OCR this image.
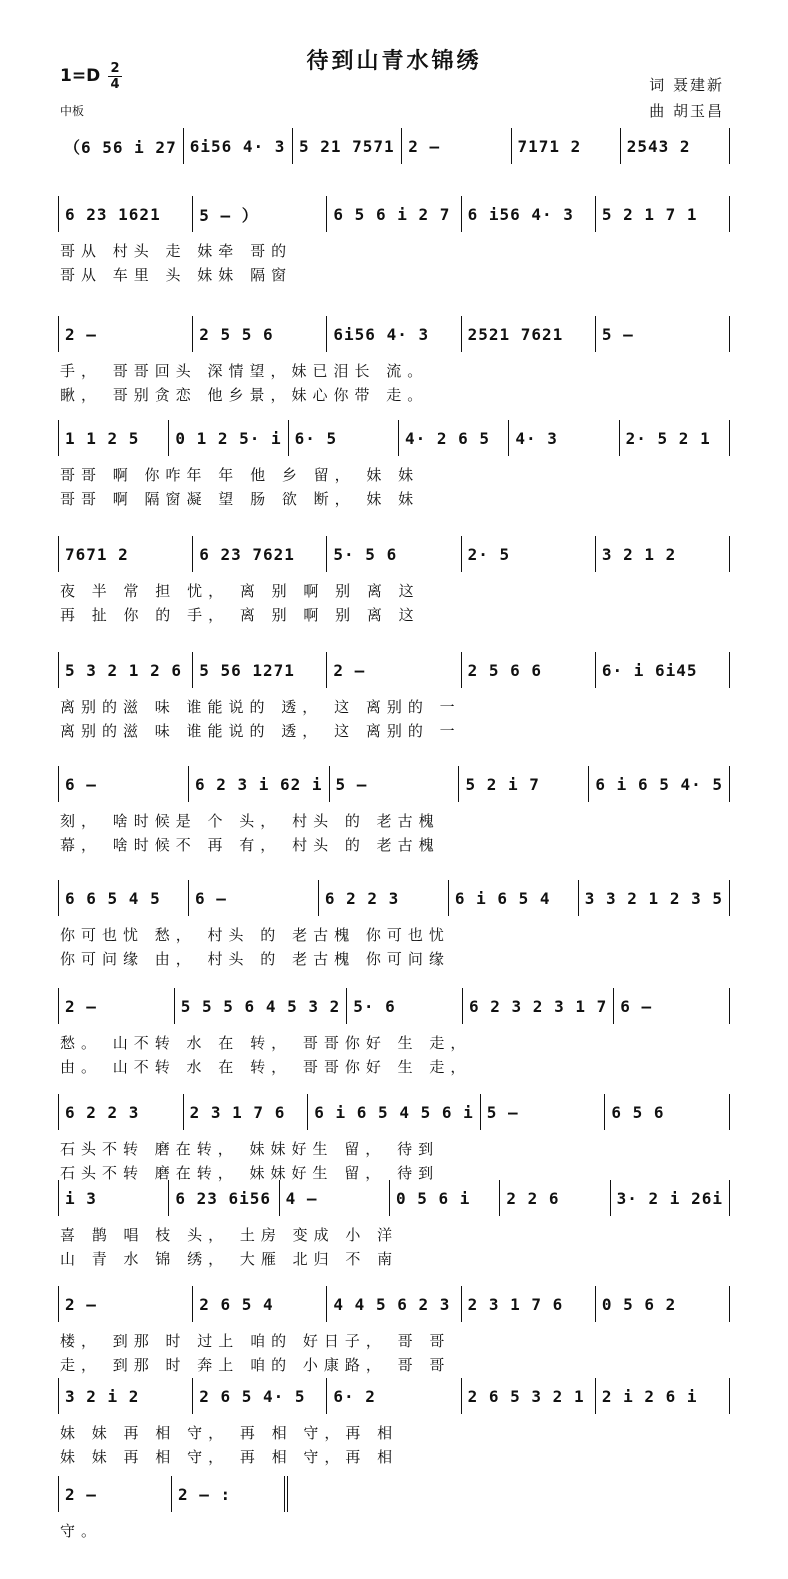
待到山青水锦绣
1=D 2
4
中板
词 聂建新
曲 胡玉昌
（6 56 i 27 6i56 4· 3 5 21 7571 2 –	7171 2	2543 2
6 23 1621	5 – ）	6 5 6 i 2 7	6 i56 4· 3	5 2 1 7 1
哥从 村头 走 妹牵 哥的
哥从 车里 头 妹妹 隔窗
2 –	2 5 5 6	6i56 4· 3	2521 7621	5 –
手， 哥哥回头 深情望，妹已泪长 流。
瞅， 哥别贪恋 他乡景，妹心你带 走。
1 1 2 5	0 1 2 5· i 6· 5	4· 2 6 5	4· 3	2· 5 2 1
哥哥 啊 你咋年 年 他 乡 留， 妹 妹
哥哥 啊 隔窗凝 望 肠 欲 断， 妹 妹
7671 2	6 23 7621	5· 5 6	2· 5	3 2 1 2
夜 半 常 担 忧， 离 别 啊 别 离 这
再 扯 你 的 手， 离 别 啊 别 离 这
5 3 2 1 2 6	5 56 1271	2 –	2 5 6 6	6· i 6i45
离别的滋 味 谁能说的 透， 这 离别的 一
离别的滋 味 谁能说的 透， 这 离别的 一
6 –	6 2 3 i 62 i 5 –	5 2 i 7	6 i 6 5 4· 5
刻， 啥时候是 个 头， 村头 的 老古槐
幕， 啥时候不 再 有， 村头 的 老古槐
6 6 5 4 5	6 –	6 2 2 3	6 i 6 5 4	3 3 2 1 2 3 5
你可也忧 愁， 村头 的 老古槐 你可也忧
你可问缘 由， 村头 的 老古槐 你可问缘
2 –	5 5 5 6 4 5 3 2 5· 6	6 2 3 2 3 1 7 6 –
愁。 山不转 水 在 转， 哥哥你好 生 走，
由。 山不转 水 在 转， 哥哥你好 生 走，
6 2 2 3	2 3 1 7 6	6 i 6 5 4 5 6 i 5 –	6 5 6
石头不转 磨在转， 妹妹好生 留， 待到
石头不转 磨在转， 妹妹好生 留， 待到
i 3	6 23 6i56 4 –	0 5 6 i	2 2 6	3· 2 i 26i
喜 鹊 唱 枝 头， 土房 变成 小 洋
山 青 水 锦 绣， 大雁 北归 不 南
2 –	2 6 5 4	4 4 5 6 2 3	2 3 1 7 6	0 5 6 2
楼， 到那 时 过上 咱的 好日子， 哥 哥
走， 到那 时 奔上 咱的 小康路， 哥 哥
3 2 i 2	2 6 5 4· 5	6· 2	2 6 5 3 2 1	2 i 2 6 i
妹 妹 再 相 守， 再 相 守，再 相
妹 妹 再 相 守， 再 相 守，再 相
2 –	2 – :
守。
